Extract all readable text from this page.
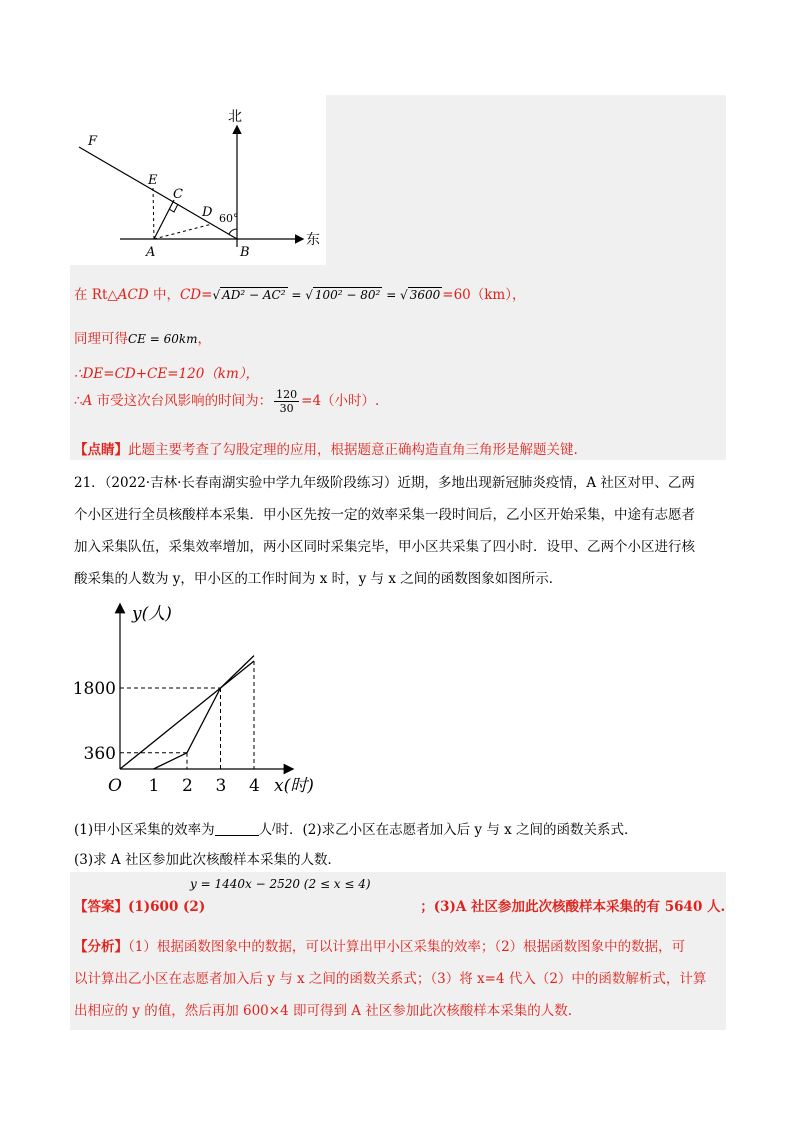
北
东
F
E
C
D
A	B
60°
在 Rt△ACD 中，CD=√ AD² − AC² = √ 100² − 80² = √ 3600 =60（km），
同理可得CE = 60km，
∴DE=CD+CE=120（km），
∴A 市受这次台风影响的时间为： $\frac{120}{30} =4$（小时）.
【点睛】此题主要考查了勾股定理的应用，根据题意正确构造直角三角形是解题关键.
21．（2022·吉林·长春南湖实验中学九年级阶段练习）近期，多地出现新冠肺炎疫情，A 社区对甲、乙两
个小区进行全员核酸样本采集．甲小区先按一定的效率采集一段时间后，乙小区开始采集，中途有志愿者
加入采集队伍，采集效率增加，两小区同时采集完毕，甲小区共采集了四小时．设甲、乙两个小区进行核
酸采集的人数为 y，甲小区的工作时间为 x 时，y 与 x 之间的函数图象如图所示．
y(人)
x(时)
O 1 2 3 4
360
1800
(1)甲小区采集的效率为	人/时．(2)求乙小区在志愿者加入后 y 与 x 之间的函数关系式．
(3)求 A 社区参加此次核酸样本采集的人数．
y = 1440x − 2520 (2 ≤ x ≤ 4)
【答案】(1)600 (2)	；(3)A 社区参加此次核酸样本采集的有 5640 人.
【分析】（1）根据函数图象中的数据，可以计算出甲小区采集的效率；（2）根据函数图象中的数据，可
以计算出乙小区在志愿者加入后 y 与 x 之间的函数关系式；（3）将 x=4 代入（2）中的函数解析式，计算
出相应的 y 的值，然后再加 600×4 即可得到 A 社区参加此次核酸样本采集的人数.
